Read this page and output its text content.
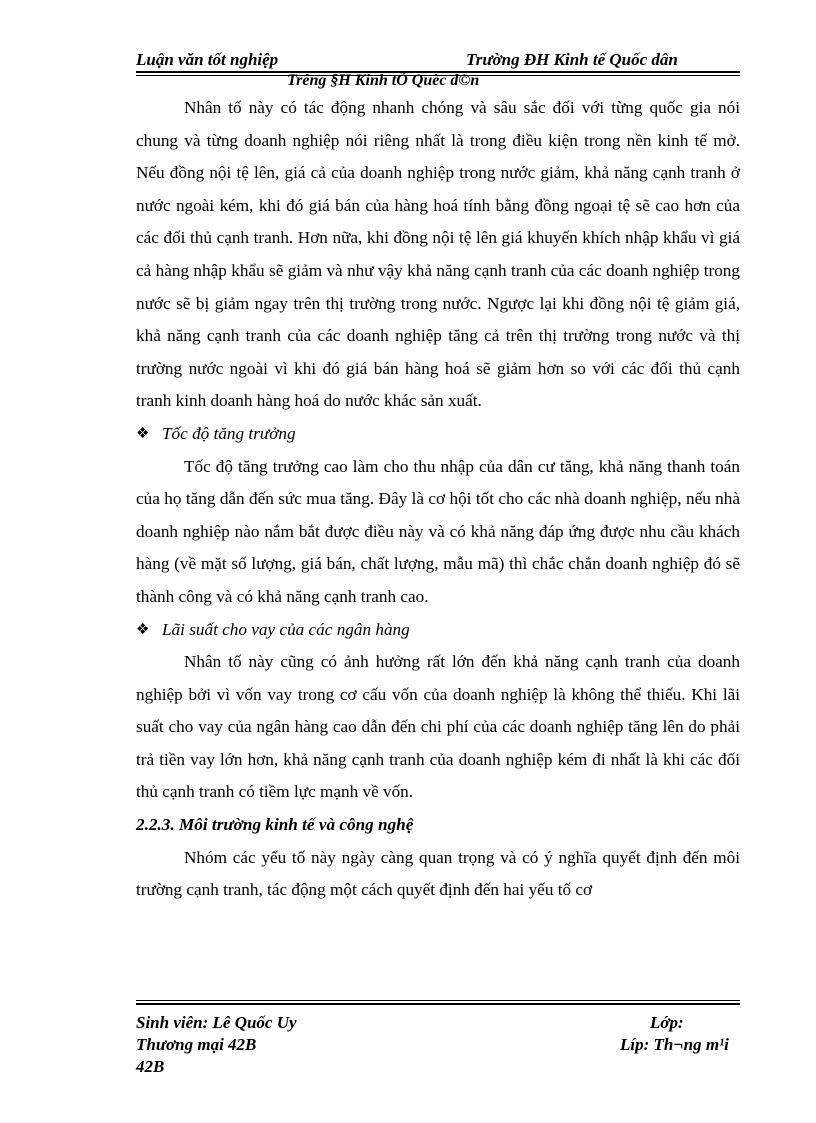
Luận văn tốt nghiệp	Trường ĐH Kinh tế Quốc dân
Trêng §H Kinh tÕ Quèc d©n

Nhân tố này có tác động nhanh chóng và sâu sắc đối với từng quốc gia nói chung và từng doanh nghiệp nói riêng nhất là trong điều kiện trong nền kinh tế mở. Nếu đồng nội tệ lên, giá cả của doanh nghiệp trong nước giảm, khả năng cạnh tranh ở nước ngoài kém, khi đó giá bán của hàng hoá tính bằng đồng ngoại tệ sẽ cao hơn của các đối thủ cạnh tranh. Hơn nữa, khi đồng nội tệ lên giá khuyến khích nhập khẩu vì giá cả hàng nhập khẩu sẽ giảm và như vậy khả năng cạnh tranh của các doanh nghiệp trong nước sẽ bị giảm ngay trên thị trường trong nước. Ngược lại khi đồng nội tệ giảm giá, khả năng cạnh tranh của các doanh nghiệp tăng cả trên thị trường trong nước và thị trường nước ngoài vì khi đó giá bán hàng hoá sẽ giảm hơn so với các đối thủ cạnh tranh kinh doanh hàng hoá do nước khác sản xuất.

❖ Tốc độ tăng trưởng

Tốc độ tăng trưởng cao làm cho thu nhập của dân cư tăng, khả năng thanh toán của họ tăng dẫn đến sức mua tăng. Đây là cơ hội tốt cho các nhà doanh nghiệp, nếu nhà doanh nghiệp nào nắm bắt được điều này và có khả năng đáp ứng được nhu cầu khách hàng (về mặt số lượng, giá bán, chất lượng, mẫu mã) thì chắc chắn doanh nghiệp đó sẽ thành công và có khả năng cạnh tranh cao.

❖ Lãi suất cho vay của các ngân hàng

Nhân tố này cũng có ảnh hưởng rất lớn đến khả năng cạnh tranh của doanh nghiệp bởi vì vốn vay trong cơ cấu vốn của doanh nghiệp là không thể thiếu. Khi lãi suất cho vay của ngân hàng cao dẫn đến chi phí của các doanh nghiệp tăng lên do phải trả tiền vay lớn hơn, khả năng cạnh tranh của doanh nghiệp kém đi nhất là khi các đối thủ cạnh tranh có tiềm lực mạnh về vốn.

2.2.3. Môi trường kinh tế và công nghệ

Nhóm các yếu tố này ngày càng quan trọng và có ý nghĩa quyết định đến môi trường cạnh tranh, tác động một cách quyết định đến hai yếu tố cơ

Sinh viên: Lê Quốc Uy
Thương mại 42B
42B
Lớp:
Líp: Th¬ng m¹i
